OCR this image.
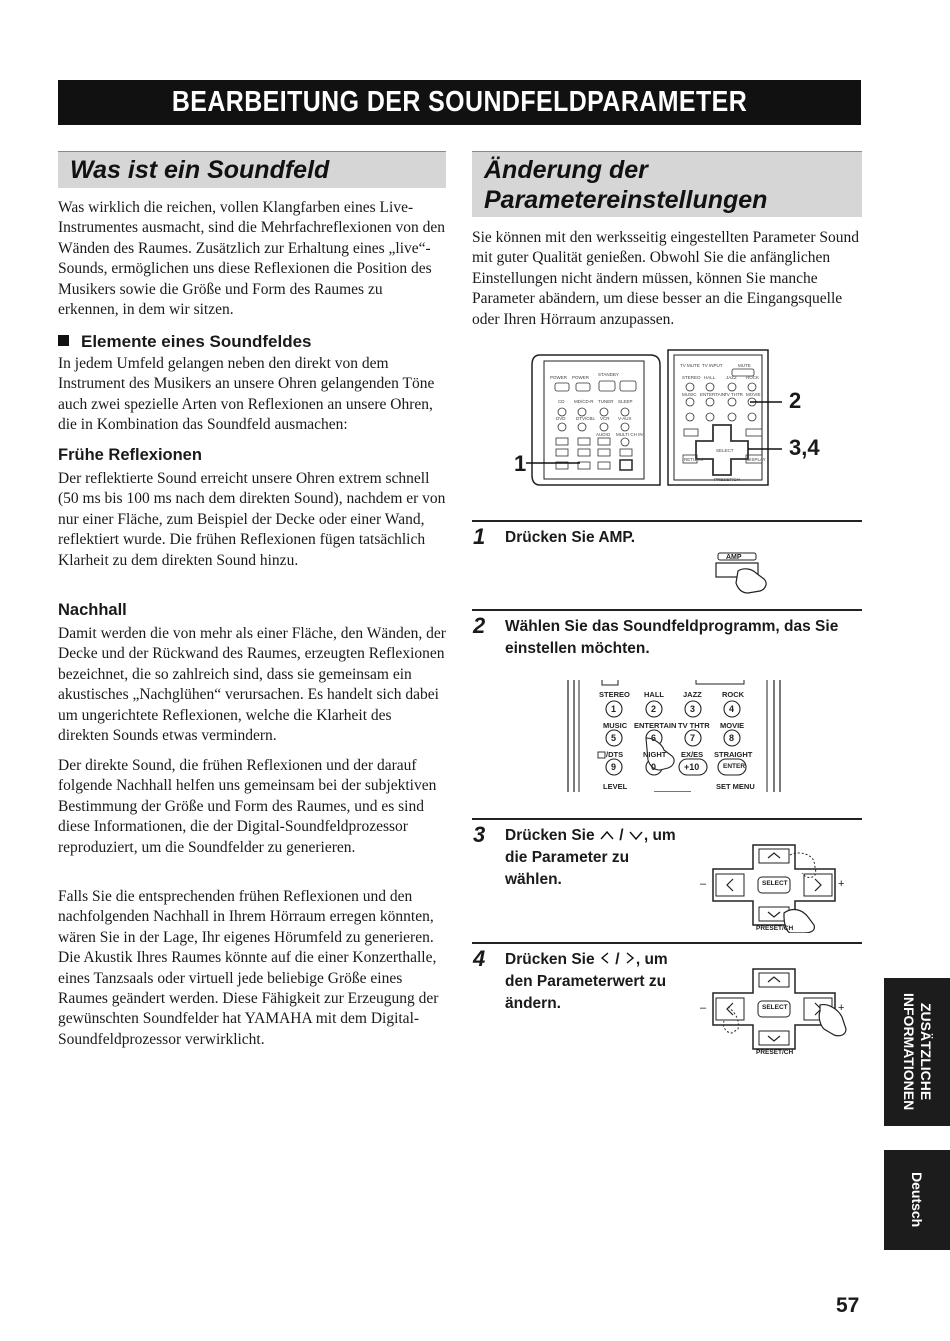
BEARBEITUNG DER SOUNDFELDPARAMETER
Was ist ein Soundfeld

Was wirklich die reichen, vollen Klangfarben eines Live-Instrumentes ausmacht, sind die Mehrfachreflexionen von den Wänden des Raumes. Zusätzlich zur Erhaltung eines „live“-Sounds, ermöglichen uns diese Reflexionen die Position des Musikers sowie die Größe und Form des Raumes zu erkennen, in dem wir sitzen.

Elemente eines Soundfeldes

In jedem Umfeld gelangen neben den direkt von dem Instrument des Musikers an unsere Ohren gelangenden Töne auch zwei spezielle Arten von Reflexionen an unsere Ohren, die in Kombination das Soundfeld ausmachen:

Frühe Reflexionen

Der reflektierte Sound erreicht unsere Ohren extrem schnell (50 ms bis 100 ms nach dem direkten Sound), nachdem er von nur einer Fläche, zum Beispiel der Decke oder einer Wand, reflektiert wurde. Die frühen Reflexionen fügen tatsächlich Klarheit zu dem direkten Sound hinzu.

Nachhall

Damit werden die von mehr als einer Fläche, den Wänden, der Decke und der Rückwand des Raumes, erzeugten Reflexionen bezeichnet, die so zahlreich sind, dass sie gemeinsam ein akustisches „Nachglühen“ verursachen. Es handelt sich dabei um ungerichtete Reflexionen, welche die Klarheit des direkten Sounds etwas vermindern.

Der direkte Sound, die frühen Reflexionen und der darauf folgende Nachhall helfen uns gemeinsam bei der subjektiven Bestimmung der Größe und Form des Raumes, und es sind diese Informationen, die der Digital-Soundfeldprozessor reproduziert, um die Soundfelder zu generieren.

Falls Sie die entsprechenden frühen Reflexionen und den nachfolgenden Nachhall in Ihrem Hörraum erregen könnten, wären Sie in der Lage, Ihr eigenes Hörumfeld zu generieren. Die Akustik Ihres Raumes könnte auf die einer Konzerthalle, eines Tanzsaals oder virtuell jede beliebige Größe eines Raumes geändert werden. Diese Fähigkeit zur Erzeugung der gewünschten Soundfelder hat YAMAHA mit dem Digital-Soundfeldprozessor verwirklicht.

Änderung der
Parametereinstellungen

Sie können mit den werksseitig eingestellten Parameter Sound mit guter Qualität genießen. Obwohl Sie die anfänglichen Einstellungen nicht ändern müssen, können Sie manche Parameter abändern, um diese besser an die Eingangsquelle oder Ihren Hörraum anzupassen.

POWER POWER
STANDBY
CD MD/CD-R TUNER SLEEP
DVD DTV/CBL VCR V-AUX
AUDIO MULTI CH IN
TV MUTE TV INPUT	MUTE
STEREO HALL JAZZ ROCK
MUSIC ENTERTAIN
TV THTR MOVIE
SELECT
PRESET/CH
RETURN	DISPLAY
1
2
3,4
1 Drücken Sie AMP.
AMP
2 Wählen Sie das Soundfeldprogramm, das Sie
einstellen möchten.
STEREO HALL	JAZZ	ROCK
1	2	3	4
MUSIC ENTERTAIN TV THTR MOVIE
5	6	7	8
/DTS	NIGHT EX/ES STRAIGHT
9	0	+10	ENTER
LEVEL	SET MENU
3 Drücken Sie  / , um
die Parameter zu
wählen.	SELECT
PRESET/CH
–	+
4 Drücken Sie  / , um
den Parameterwert zu
ändern.	SELECT
PRESET/CH
–	+	ZUSÄTZLICHE
INFORMATIONEN
Deutsch
57
